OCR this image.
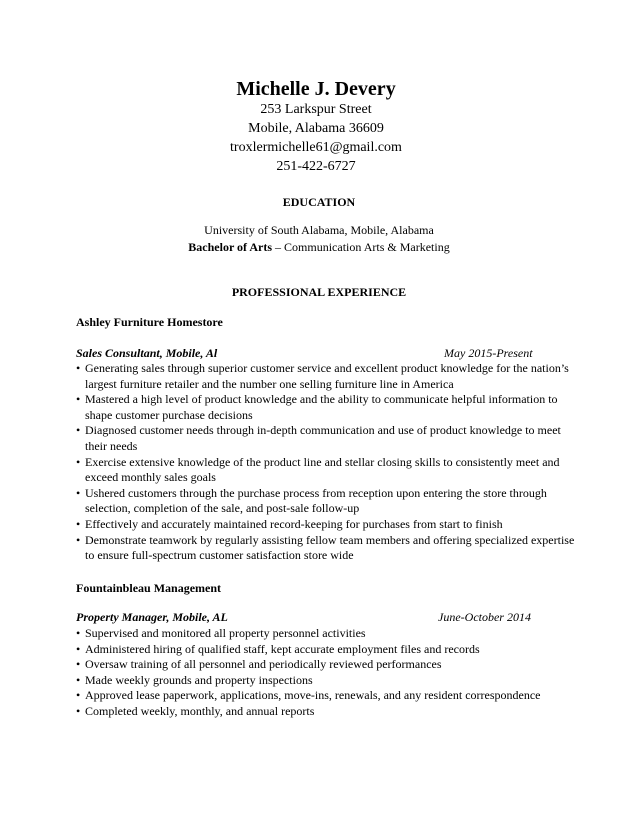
Michelle J. Devery
253 Larkspur Street
Mobile, Alabama 36609
troxlermichelle61@gmail.com
251-422-6727
EDUCATION
University of South Alabama, Mobile, Alabama
Bachelor of Arts – Communication Arts & Marketing
PROFESSIONAL EXPERIENCE
Ashley Furniture Homestore
Sales Consultant, Mobile, Al	May 2015-Present
• Generating sales through superior customer service and excellent product knowledge for the nation’s largest furniture retailer and the number one selling furniture line in America
• Mastered a high level of product knowledge and the ability to communicate helpful information to shape customer purchase decisions
• Diagnosed customer needs through in-depth communication and use of product knowledge to meet their needs
• Exercise extensive knowledge of the product line and stellar closing skills to consistently meet and exceed monthly sales goals
• Ushered customers through the purchase process from reception upon entering the store through selection, completion of the sale, and post-sale follow-up
• Effectively and accurately maintained record-keeping for purchases from start to finish
• Demonstrate teamwork by regularly assisting fellow team members and offering specialized expertise to ensure full-spectrum customer satisfaction store wide
Fountainbleau Management
Property Manager, Mobile, AL	June-October 2014
• Supervised and monitored all property personnel activities
• Administered hiring of qualified staff, kept accurate employment files and records
• Oversaw training of all personnel and periodically reviewed performances
• Made weekly grounds and property inspections
• Approved lease paperwork, applications, move-ins, renewals, and any resident correspondence
• Completed weekly, monthly, and annual reports
